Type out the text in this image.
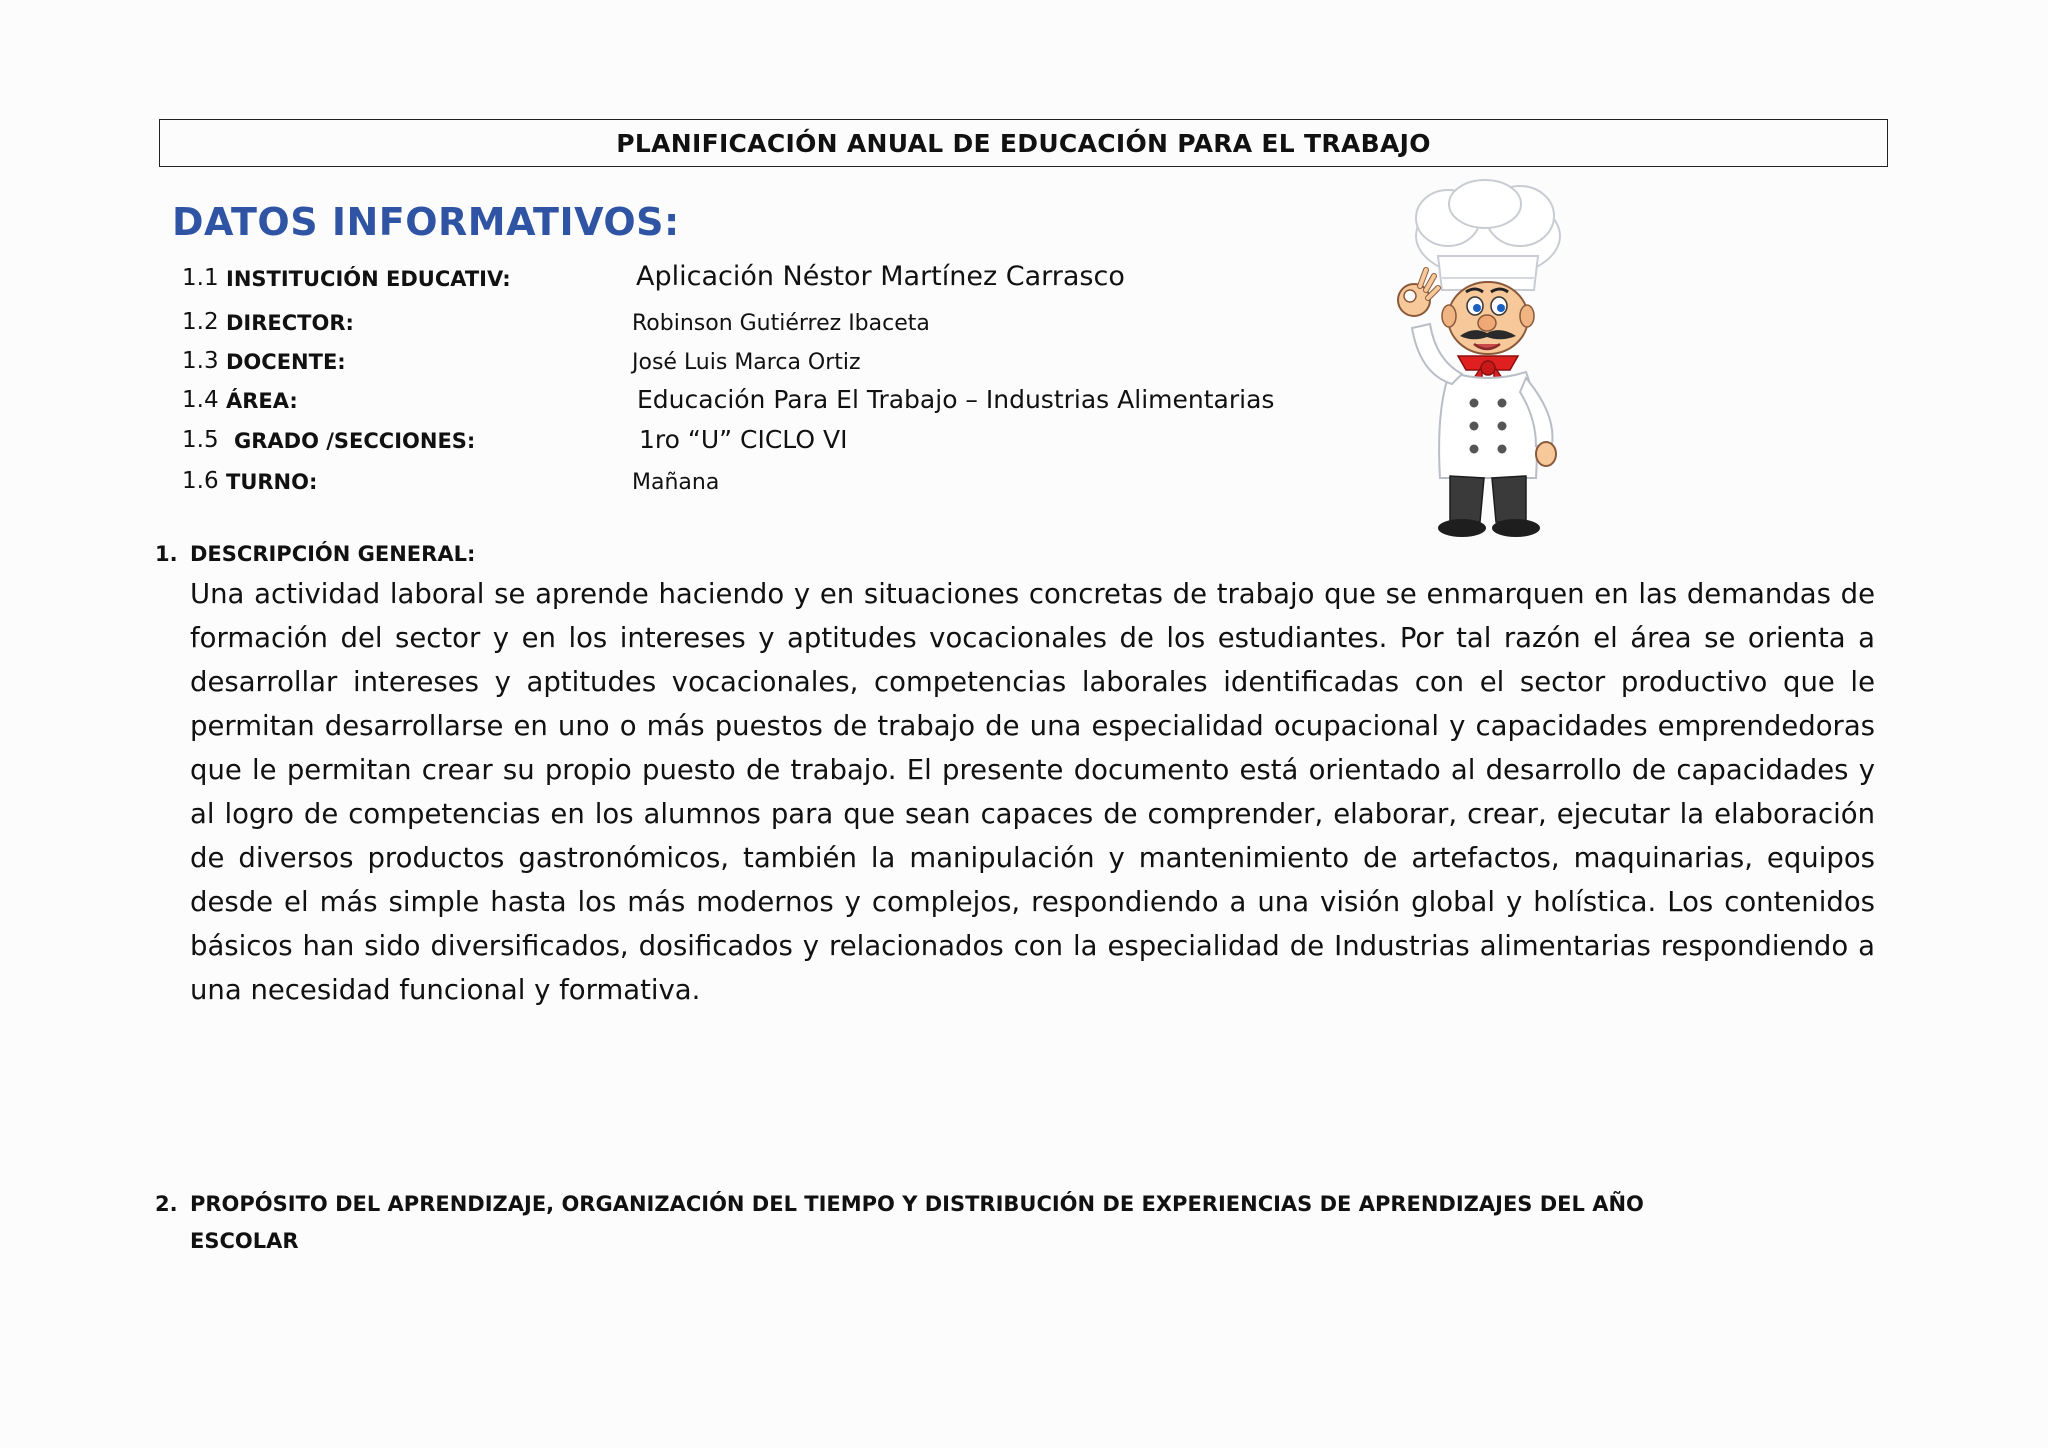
PLANIFICACIÓN ANUAL DE EDUCACIÓN PARA EL TRABAJO
DATOS INFORMATIVOS:
1.1 INSTITUCIÓN EDUCATIV:	Aplicación Néstor Martínez Carrasco
1.2 DIRECTOR:	Robinson Gutiérrez Ibaceta
1.3 DOCENTE:	José Luis Marca Ortiz
1.4 ÁREA:	Educación Para El Trabajo – Industrias Alimentarias
1.5 GRADO /SECCIONES:	1ro “U” CICLO VI
1.6 TURNO:	Mañana
1. DESCRIPCIÓN GENERAL:
Una actividad laboral se aprende haciendo y en situaciones concretas de trabajo que se enmarquen en las demandas de formación del sector y en los intereses y aptitudes vocacionales de los estudiantes. Por tal razón el área se orienta a desarrollar intereses y aptitudes vocacionales, competencias laborales identificadas con el sector productivo que le permitan desarrollarse en uno o más puestos de trabajo de una especialidad ocupacional y capacidades emprendedoras que le permitan crear su propio puesto de trabajo. El presente documento está orientado al desarrollo de capacidades y al logro de competencias en los alumnos para que sean capaces de comprender, elaborar, crear, ejecutar la elaboración de diversos productos gastronómicos, también la manipulación y mantenimiento de artefactos, maquinarias, equipos desde el más simple hasta los más modernos y complejos, respondiendo a una visión global y holística. Los contenidos básicos han sido diversificados, dosificados y relacionados con la especialidad de Industrias alimentarias respondiendo a una necesidad funcional y formativa.
2. PROPÓSITO DEL APRENDIZAJE, ORGANIZACIÓN DEL TIEMPO Y DISTRIBUCIÓN DE EXPERIENCIAS DE APRENDIZAJES DEL AÑO
ESCOLAR
